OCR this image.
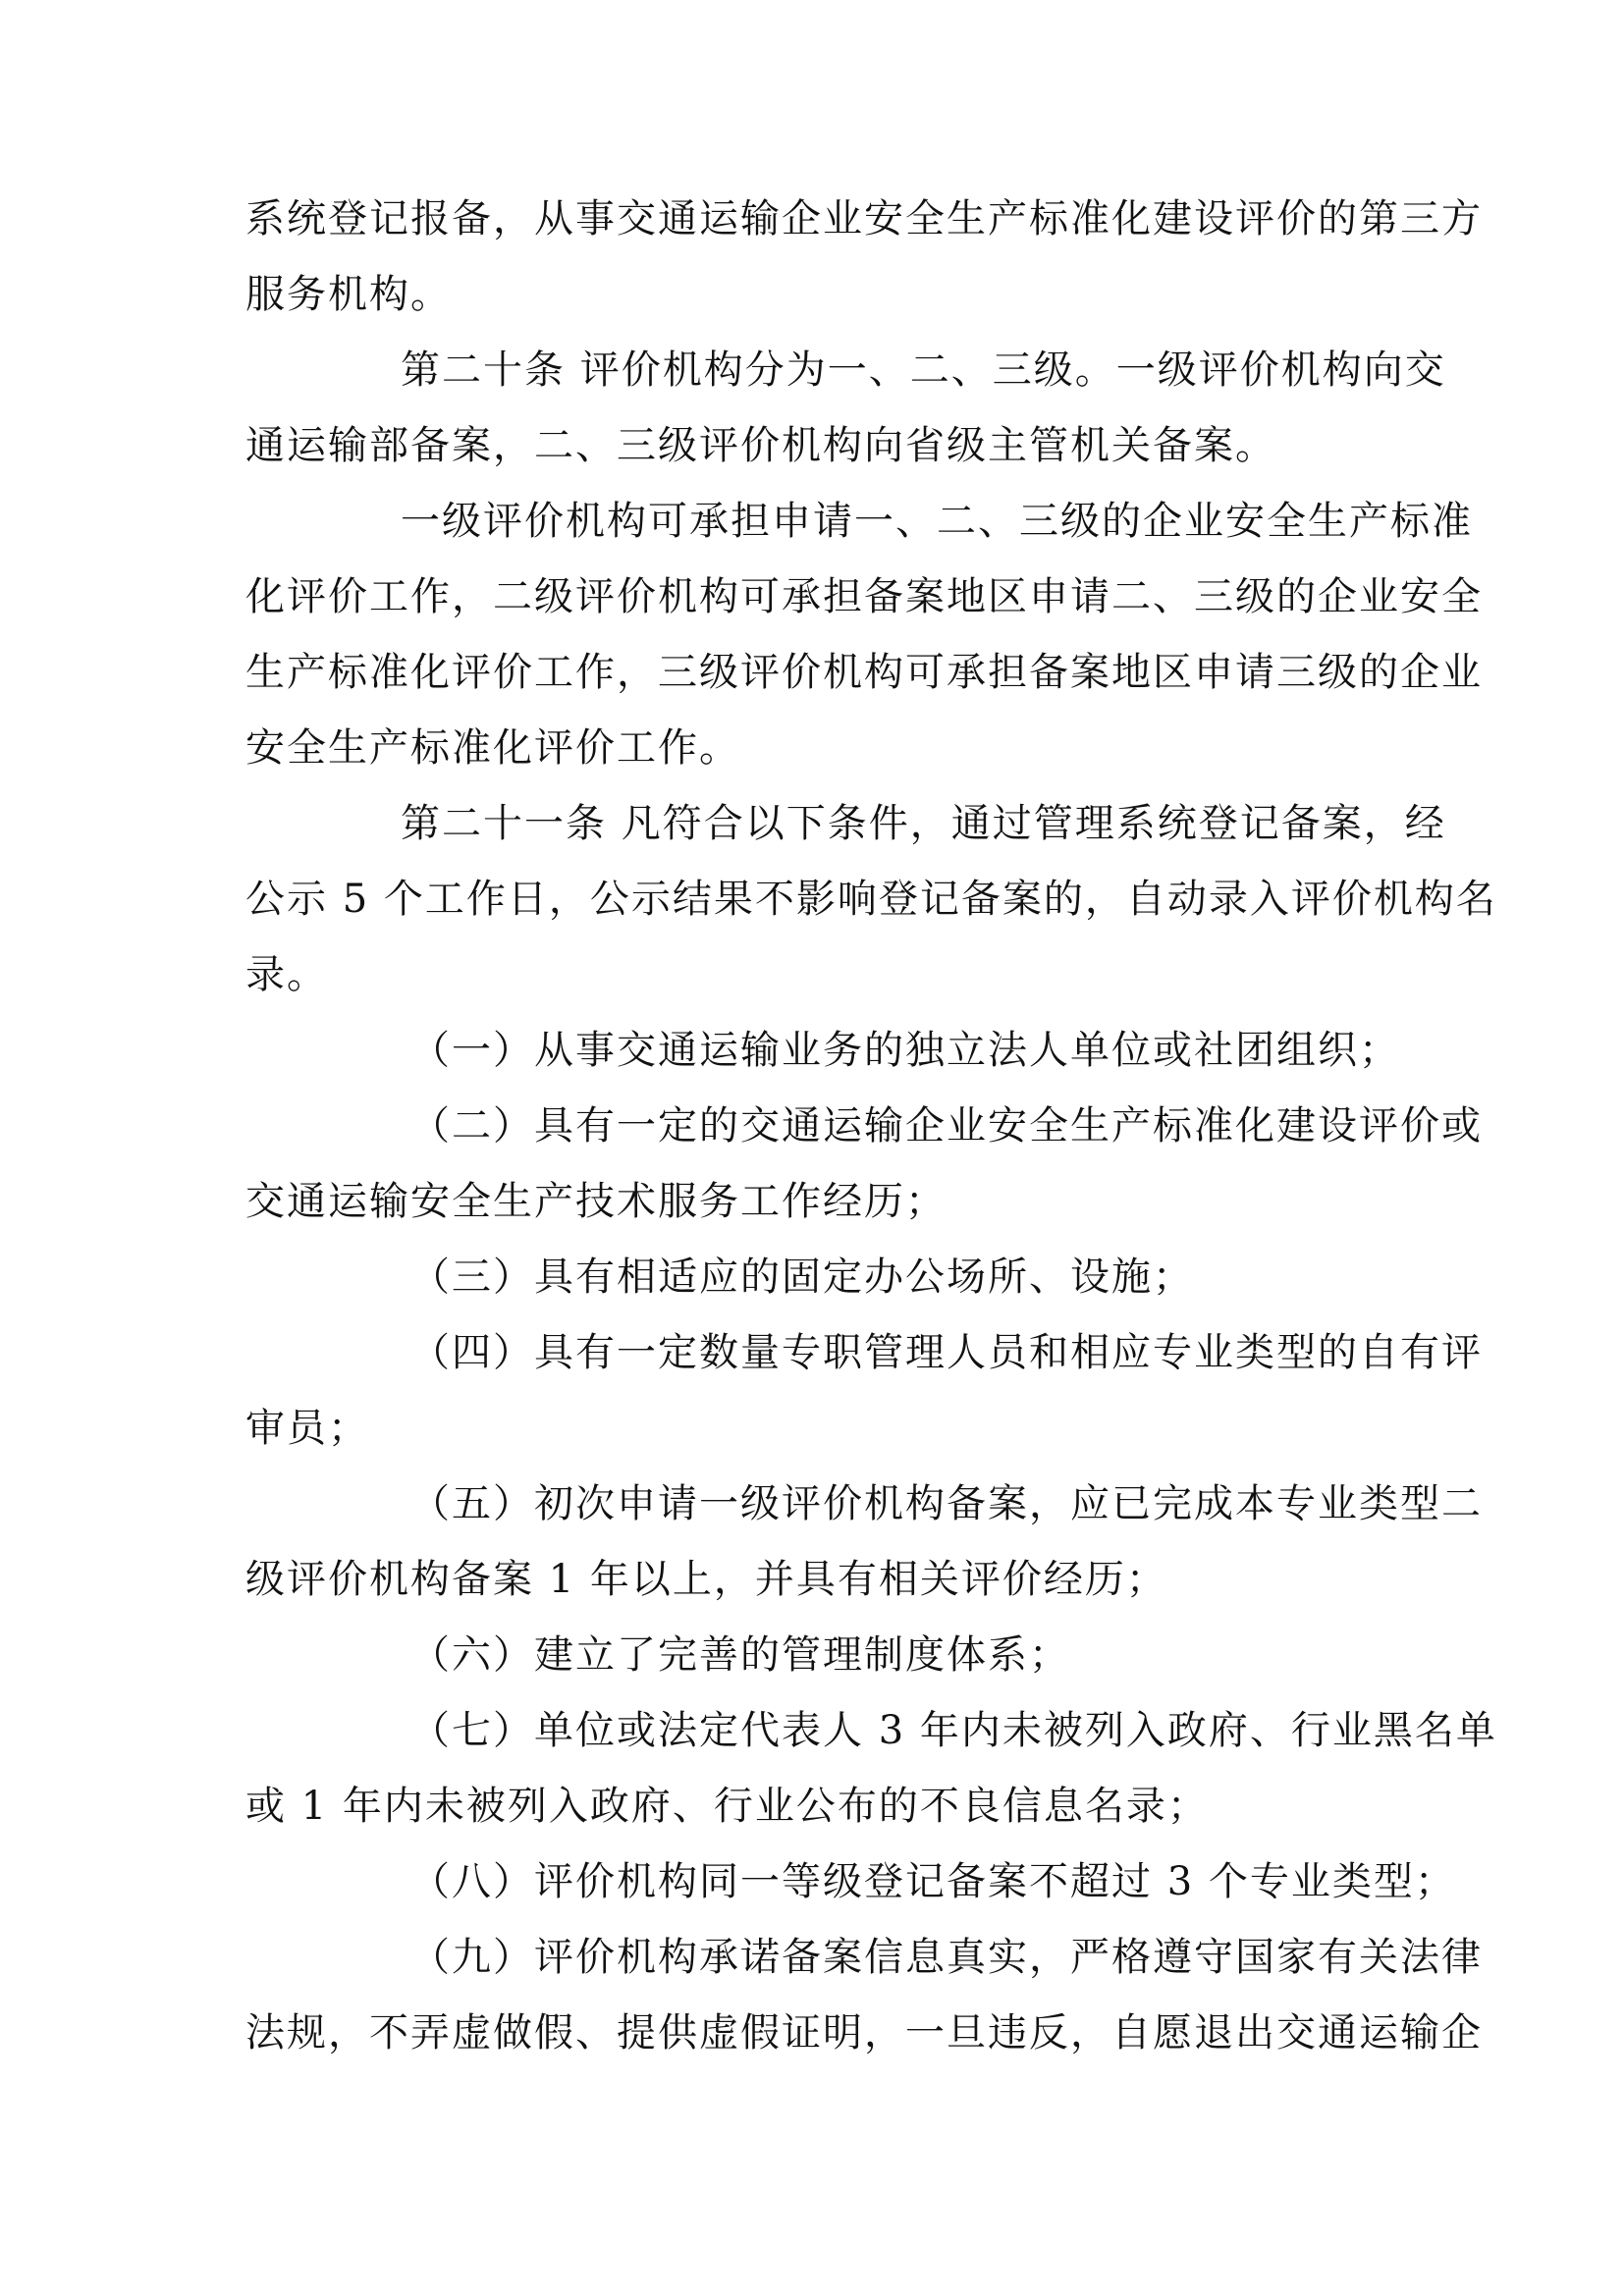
系统登记报备，从事交通运输企业安全生产标准化建设评价的第三方
服务机构。
第二十条 评价机构分为一、二、三级。一级评价机构向交
通运输部备案，二、三级评价机构向省级主管机关备案。
一级评价机构可承担申请一、二、三级的企业安全生产标准
化评价工作，二级评价机构可承担备案地区申请二、三级的企业安全
生产标准化评价工作，三级评价机构可承担备案地区申请三级的企业
安全生产标准化评价工作。
第二十一条 凡符合以下条件，通过管理系统登记备案，经
公示 5 个工作日，公示结果不影响登记备案的，自动录入评价机构名
录。
（一）从事交通运输业务的独立法人单位或社团组织；
（二）具有一定的交通运输企业安全生产标准化建设评价或
交通运输安全生产技术服务工作经历；
（三）具有相适应的固定办公场所、设施；
（四）具有一定数量专职管理人员和相应专业类型的自有评
审员；
（五）初次申请一级评价机构备案，应已完成本专业类型二
级评价机构备案 1 年以上，并具有相关评价经历；
（六）建立了完善的管理制度体系；
（七）单位或法定代表人 3 年内未被列入政府、行业黑名单
或 1 年内未被列入政府、行业公布的不良信息名录；
（八）评价机构同一等级登记备案不超过 3 个专业类型；
（九）评价机构承诺备案信息真实，严格遵守国家有关法律
法规，不弄虚做假、提供虚假证明，一旦违反，自愿退出交通运输企
